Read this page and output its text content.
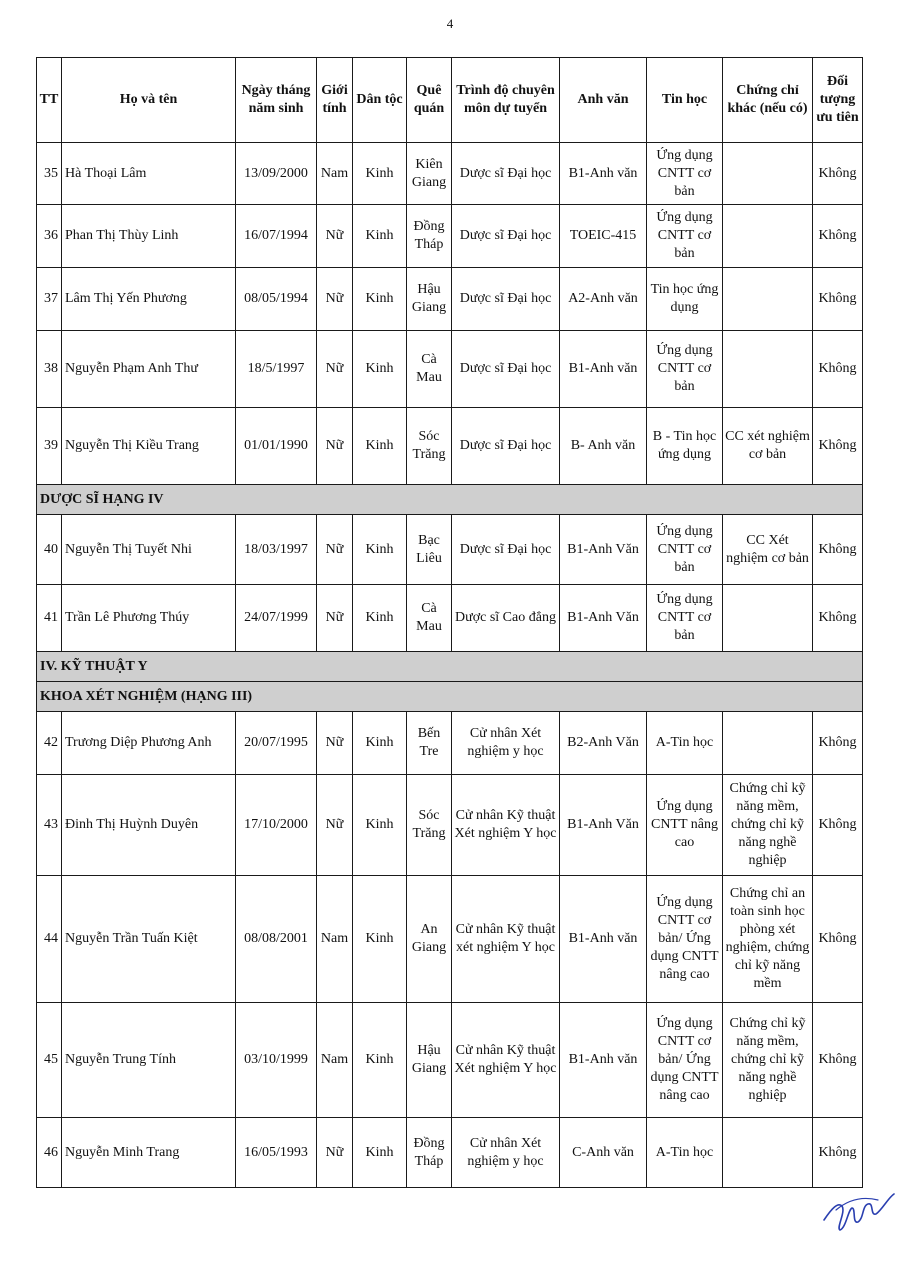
4
TT	Họ và tên	Ngày tháng năm sinh	Giới tính	Dân tộc	Quê quán	Trình độ chuyên môn dự tuyển	Anh văn	Tin học	Chứng chỉ khác (nếu có)	Đối tượng ưu tiên
35	Hà Thoại Lâm	13/09/2000	Nam	Kinh	Kiên Giang	Dược sĩ Đại học	B1-Anh văn	Ứng dụng CNTT cơ bản		Không
36	Phan Thị Thùy Linh	16/07/1994	Nữ	Kinh	Đồng Tháp	Dược sĩ Đại học	TOEIC-415	Ứng dụng CNTT cơ bản		Không
37	Lâm Thị Yến Phương	08/05/1994	Nữ	Kinh	Hậu Giang	Dược sĩ Đại học	A2-Anh văn	Tin học ứng dụng		Không
38	Nguyễn Phạm Anh Thư	18/5/1997	Nữ	Kinh	Cà Mau	Dược sĩ Đại học	B1-Anh văn	Ứng dụng CNTT cơ bản		Không
39	Nguyễn Thị Kiều Trang	01/01/1990	Nữ	Kinh	Sóc Trăng	Dược sĩ Đại học	B- Anh văn	B - Tin học ứng dụng	CC xét nghiệm cơ bản	Không
DƯỢC SĨ HẠNG IV										
40	Nguyễn Thị Tuyết Nhi	18/03/1997	Nữ	Kinh	Bạc Liêu	Dược sĩ Đại học	B1-Anh Văn	Ứng dụng CNTT cơ bản	CC Xét nghiệm cơ bản	Không
41	Trần Lê Phương Thúy	24/07/1999	Nữ	Kinh	Cà Mau	Dược sĩ Cao đẳng	B1-Anh Văn	Ứng dụng CNTT cơ bản		Không
IV. KỸ THUẬT Y										
KHOA XÉT NGHIỆM (HẠNG III)										
42	Trương Diệp Phương Anh	20/07/1995	Nữ	Kinh	Bến Tre	Cử nhân Xét nghiệm y học	B2-Anh Văn	A-Tin học		Không
43	Đinh Thị Huỳnh Duyên	17/10/2000	Nữ	Kinh	Sóc Trăng	Cử nhân Kỹ thuật Xét nghiệm Y học	B1-Anh Văn	Ứng dụng CNTT nâng cao	Chứng chỉ kỹ năng mềm, chứng chỉ kỹ năng nghề nghiệp	Không
44	Nguyễn Trần Tuấn Kiệt	08/08/2001	Nam	Kinh	An Giang	Cử nhân Kỹ thuật xét nghiệm Y học	B1-Anh văn	Ứng dụng CNTT cơ bản/ Ứng dụng CNTT nâng cao	Chứng chỉ an toàn sinh học phòng xét nghiệm, chứng chỉ kỹ năng mềm	Không
45	Nguyễn Trung Tính	03/10/1999	Nam	Kinh	Hậu Giang	Cử nhân Kỹ thuật Xét nghiệm Y học	B1-Anh văn	Ứng dụng CNTT cơ bản/ Ứng dụng CNTT nâng cao	Chứng chỉ kỹ năng mềm, chứng chỉ kỹ năng nghề nghiệp	Không
46	Nguyễn Minh Trang	16/05/1993	Nữ	Kinh	Đồng Tháp	Cử nhân Xét nghiệm y học	C-Anh văn	A-Tin học		Không
